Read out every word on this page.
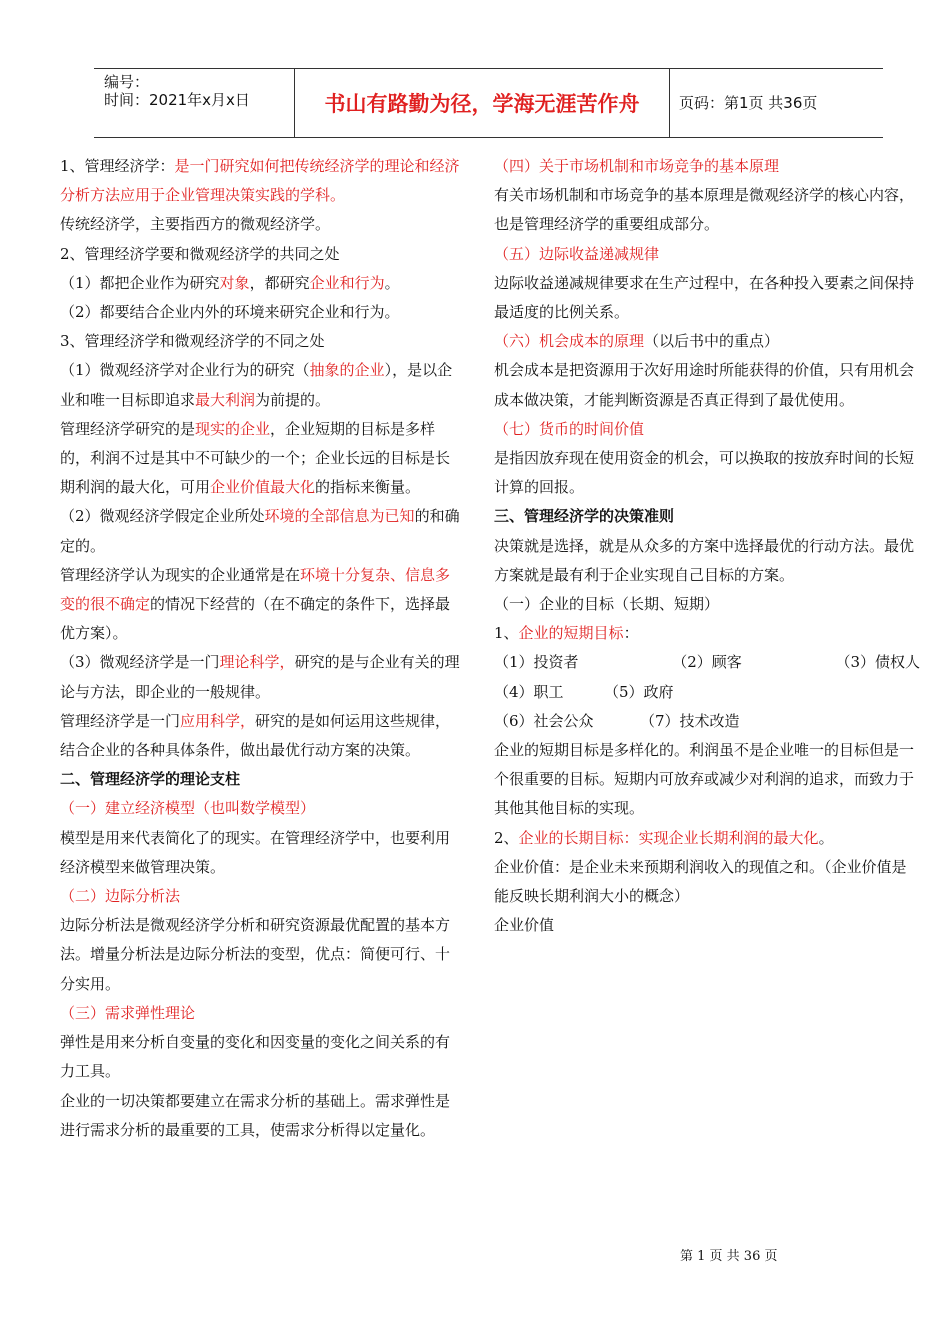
编号：
时间：2021年x月x日	书山有路勤为径，学海无涯苦作舟	页码：第1页 共36页

1、管理经济学：是一门研究如何把传统经济学的理论和经济分析方法应用于企业管理决策实践的学科。

传统经济学，主要指西方的微观经济学。

2、管理经济学要和微观经济学的共同之处

（1）都把企业作为研究对象，都研究企业和行为。

（2）都要结合企业内外的环境来研究企业和行为。

3、管理经济学和微观经济学的不同之处

（1）微观经济学对企业行为的研究（抽象的企业），是以企业和唯一目标即追求最大利润为前提的。

管理经济学研究的是现实的企业，企业短期的目标是多样的，利润不过是其中不可缺少的一个；企业长远的目标是长期利润的最大化，可用企业价值最大化的指标来衡量。

（2）微观经济学假定企业所处环境的全部信息为已知的和确定的。

管理经济学认为现实的企业通常是在环境十分复杂、信息多变的很不确定的情况下经营的（在不确定的条件下，选择最优方案）。

（3）微观经济学是一门理论科学，研究的是与企业有关的理论与方法，即企业的一般规律。

管理经济学是一门应用科学，研究的是如何运用这些规律，结合企业的各种具体条件，做出最优行动方案的决策。

二、管理经济学的理论支柱

（一）建立经济模型（也叫数学模型）

模型是用来代表简化了的现实。在管理经济学中，也要利用经济模型来做管理决策。

（二）边际分析法

边际分析法是微观经济学分析和研究资源最优配置的基本方法。增量分析法是边际分析法的变型，优点：简便可行、十分实用。

（三）需求弹性理论

弹性是用来分析自变量的变化和因变量的变化之间关系的有力工具。

企业的一切决策都要建立在需求分析的基础上。需求弹性是进行需求分析的最重要的工具，使需求分析得以定量化。

（四）关于市场机制和市场竞争的基本原理

有关市场机制和市场竞争的基本原理是微观经济学的核心内容，也是管理经济学的重要组成部分。

（五）边际收益递减规律

边际收益递减规律要求在生产过程中，在各种投入要素之间保持最适度的比例关系。

（六）机会成本的原理（以后书中的重点）

机会成本是把资源用于次好用途时所能获得的价值，只有用机会成本做决策，才能判断资源是否真正得到了最优使用。

（七）货币的时间价值

是指因放弃现在使用资金的机会，可以换取的按放弃时间的长短计算的回报。

三、管理经济学的决策准则

决策就是选择，就是从众多的方案中选择最优的行动方法。最优方案就是最有利于企业实现自己目标的方案。

（一）企业的目标（长期、短期）

1、企业的短期目标：

（1）投资者	（2）顾客	（3）债权人

（4）职工	（5）政府

（6）社会公众	（7）技术改造

企业的短期目标是多样化的。利润虽不是企业唯一的目标但是一个很重要的目标。短期内可放弃或减少对利润的追求，而致力于其他其他目标的实现。

2、企业的长期目标：实现企业长期利润的最大化。

企业价值：是企业未来预期利润收入的现值之和。（企业价值是能反映长期利润大小的概念）

企业价值

第 1 页 共 36 页
